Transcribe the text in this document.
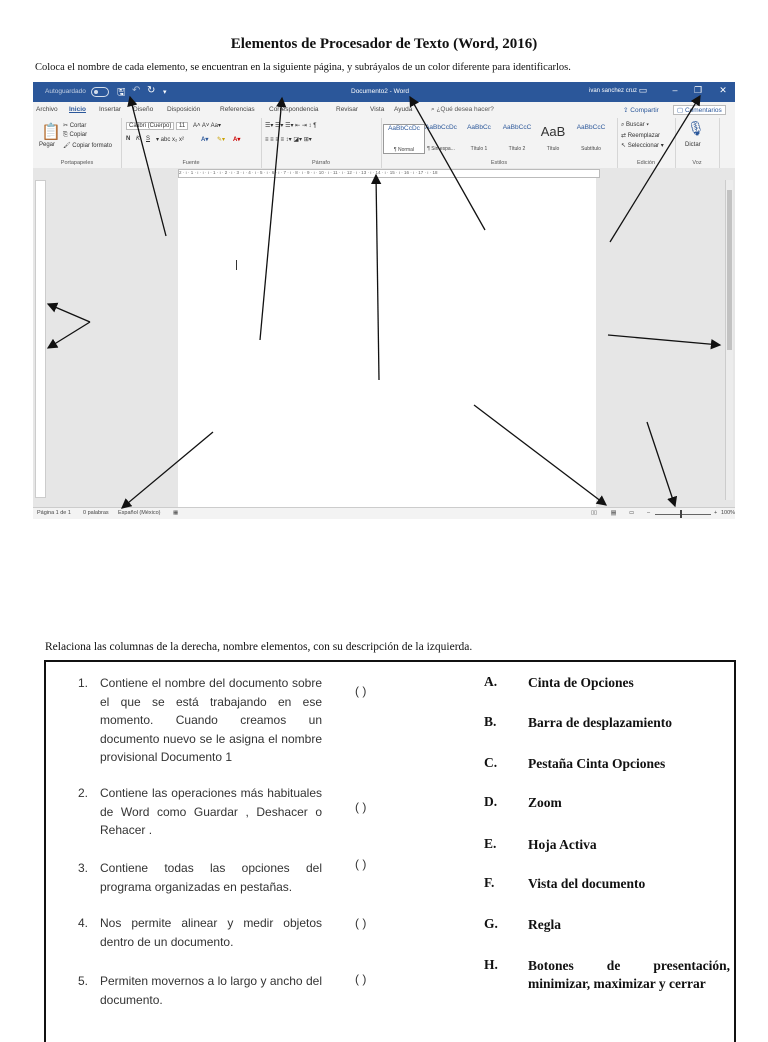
Elementos de Procesador de Texto (Word, 2016)
Coloca el nombre de cada elemento, se encuentran en la siguiente página, y subráyalos de un color diferente para identificarlos.
Autoguardado	🖫 ↶ ↻ ▾	Documento2 - Word	ivan sanchez cruz ▭	–	❐	✕
Archivo Inicio Insertar Diseño Disposición	Referencias Correspondencia	Revisar Vista Ayuda	⌕ ¿Qué desea hacer?	⇪ Compartir	▢ Comentarios
📋
Pegar
✂ Cortar
⎘ Copiar
🖌 Copiar formato
Portapapeles
Calibri (Cuerpo)	11	A˄ A˅ Aa▾
N K S ▾ abc x₂ x²	A▾ ✎▾ A▾
Fuente
☰▾ ☰▾ ☰▾ ⇤ ⇥ ↕ ¶
≡ ≡ ≡ ≡ ↕▾ ◪▾ ⊞▾
Párrafo
AaBbCcDc
¶ Normal
AaBbCcDc
¶ Sin espa...
AaBbCc
Título 1
AaBbCcC
Título 2
AaB
Título
AaBbCcC
Subtítulo
Estilos
⌕ Buscar ▾
⇄ Reemplazar
↖ Seleccionar ▾
Edición
🎙
Dictar
Voz
2 · ı · 1 · ı · ı · ı · 1 · ı · 2 · ı · 3 · ı · 4 · ı · 5 · ı · 6 · ı · 7 · ı · 8 · ı · 9 · ı · 10 · ı · 11 · ı · 12 · ı · 13 · ı · 14 · ı · 15 · ı · 16 · ı · 17 · ı · 18
Página 1 de 1 0 palabras Español (México) ▦	▯▯	▤ ▭ –	+ 100%
Relaciona las columnas de la derecha, nombre elementos, con su descripción de la izquierda.
1. Contiene el nombre del documento sobre el que se está trabajando en ese momento. Cuando creamos un documento nuevo se le asigna el nombre provisional Documento 1
( )
2. Contiene las operaciones más habituales de Word como Guardar , Deshacer o Rehacer .
( )
3. Contiene todas las opciones del programa organizadas en pestañas.
( )
4. Nos permite alinear y medir objetos dentro de un documento.
( )
5. Permiten movernos a lo largo y ancho del documento.
( )
A. Cinta de Opciones
B. Barra de desplazamiento
C. Pestaña Cinta Opciones
D. Zoom
E. Hoja Activa
F. Vista del documento
G. Regla
H. Botones de presentación, minimizar, maximizar y cerrar
